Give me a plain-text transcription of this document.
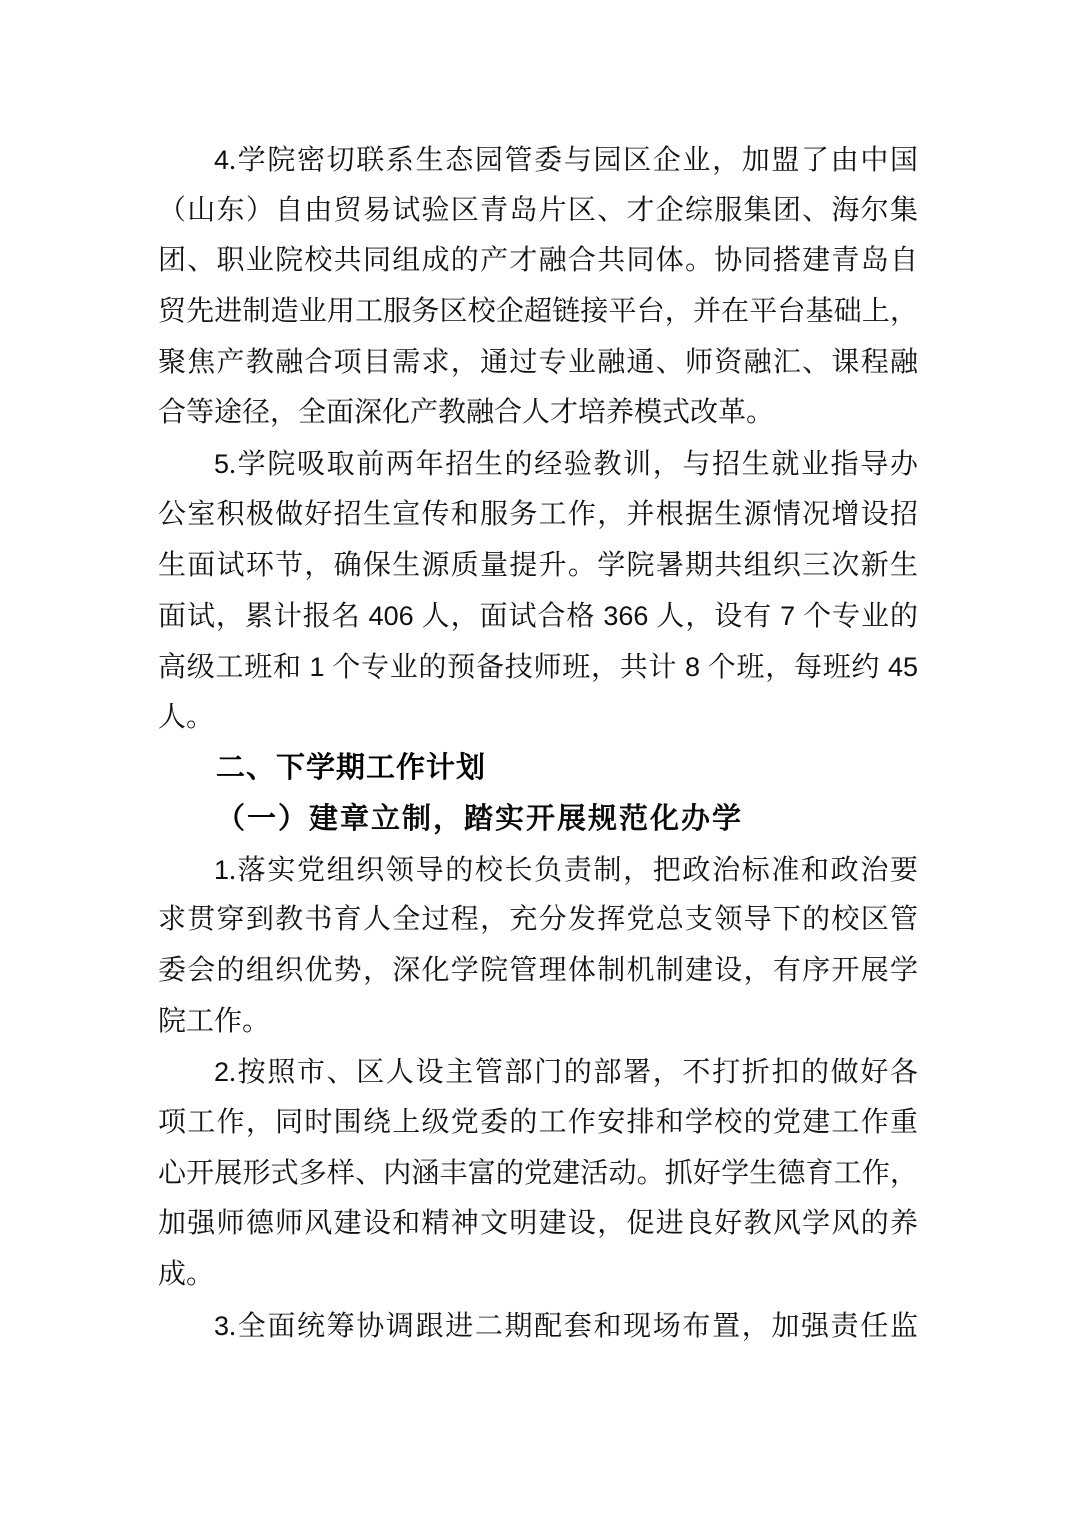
4.学院密切联系生态园管委与园区企业，加盟了由中国
（山东）自由贸易试验区青岛片区、才企综服集团、海尔集
团、职业院校共同组成的产才融合共同体。协同搭建青岛自
贸先进制造业用工服务区校企超链接平台，并在平台基础上，
聚焦产教融合项目需求，通过专业融通、师资融汇、课程融
合等途径，全面深化产教融合人才培养模式改革。
5.学院吸取前两年招生的经验教训，与招生就业指导办
公室积极做好招生宣传和服务工作，并根据生源情况增设招
生面试环节，确保生源质量提升。学院暑期共组织三次新生
面试，累计报名 406 人，面试合格 366 人，设有 7 个专业的
高级工班和 1 个专业的预备技师班，共计 8 个班，每班约 45
人。
二、下学期工作计划
（一）建章立制，踏实开展规范化办学
1.落实党组织领导的校长负责制，把政治标准和政治要
求贯穿到教书育人全过程，充分发挥党总支领导下的校区管
委会的组织优势，深化学院管理体制机制建设，有序开展学
院工作。
2.按照市、区人设主管部门的部署，不打折扣的做好各
项工作，同时围绕上级党委的工作安排和学校的党建工作重
心开展形式多样、内涵丰富的党建活动。抓好学生德育工作，
加强师德师风建设和精神文明建设，促进良好教风学风的养
成。
3.全面统筹协调跟进二期配套和现场布置，加强责任监
